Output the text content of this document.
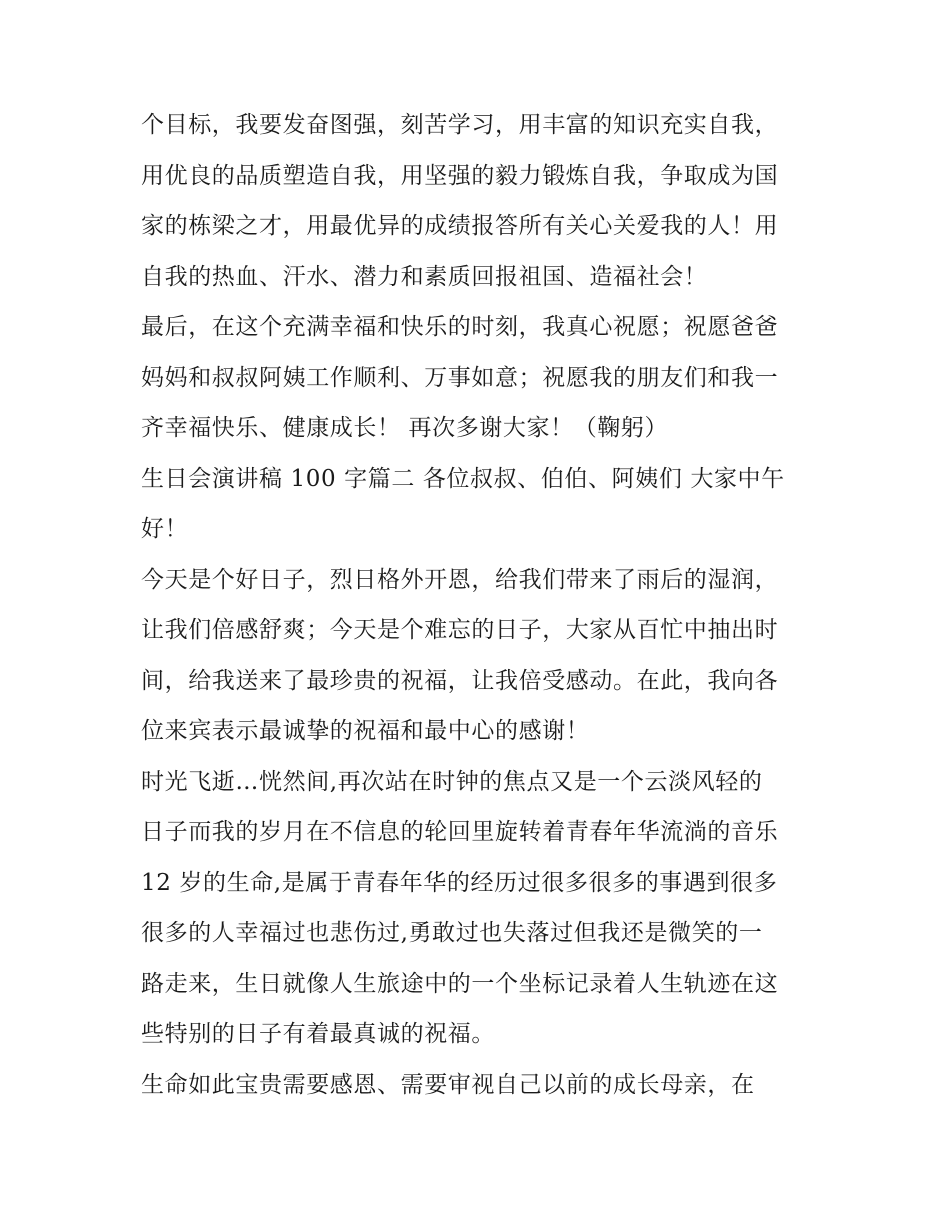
个目标，我要发奋图强，刻苦学习，用丰富的知识充实自我，
用优良的品质塑造自我，用坚强的毅力锻炼自我，争取成为国
家的栋梁之才，用最优异的成绩报答所有关心关爱我的人！用
自我的热血、汗水、潜力和素质回报祖国、造福社会！
最后，在这个充满幸福和快乐的时刻，我真心祝愿；祝愿爸爸
妈妈和叔叔阿姨工作顺利、万事如意；祝愿我的朋友们和我一
齐幸福快乐、健康成长！ 再次多谢大家！（鞠躬）
生日会演讲稿 100 字篇二 各位叔叔、伯伯、阿姨们 大家中午
好！
今天是个好日子，烈日格外开恩，给我们带来了雨后的湿润，
让我们倍感舒爽；今天是个难忘的日子，大家从百忙中抽出时
间，给我送来了最珍贵的祝福，让我倍受感动。在此，我向各
位来宾表示最诚挚的祝福和最中心的感谢！
时光飞逝…恍然间,再次站在时钟的焦点又是一个云淡风轻的
日子而我的岁月在不信息的轮回里旋转着青春年华流淌的音乐
12 岁的生命,是属于青春年华的经历过很多很多的事遇到很多
很多的人幸福过也悲伤过,勇敢过也失落过但我还是微笑的一
路走来，生日就像人生旅途中的一个坐标记录着人生轨迹在这
些特别的日子有着最真诚的祝福。
生命如此宝贵需要感恩、需要审视自己以前的成长母亲，在
